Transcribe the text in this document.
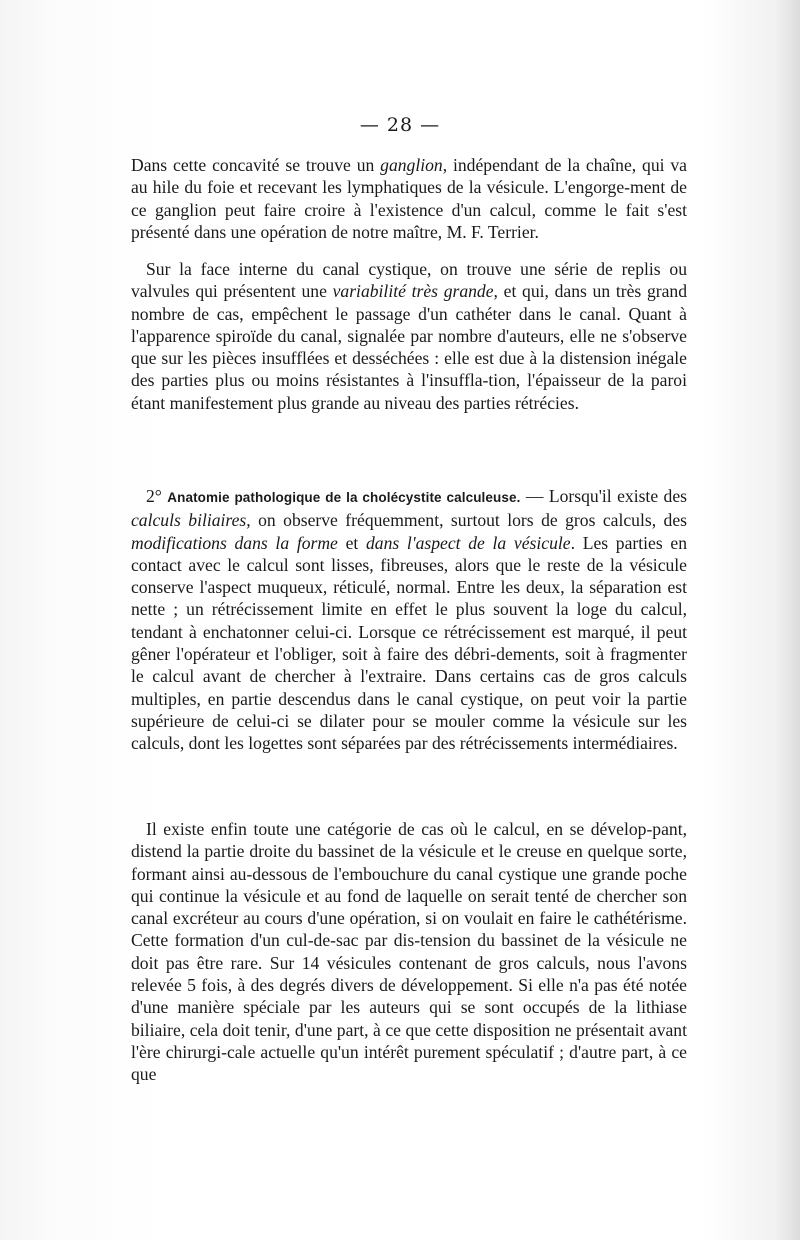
— 28 —

Dans cette concavité se trouve un ganglion, indépendant de la chaîne, qui va au hile du foie et recevant les lymphatiques de la vésicule. L'engorge-ment de ce ganglion peut faire croire à l'existence d'un calcul, comme le fait s'est présenté dans une opération de notre maître, M. F. Terrier.

Sur la face interne du canal cystique, on trouve une série de replis ou valvules qui présentent une variabilité très grande, et qui, dans un très grand nombre de cas, empêchent le passage d'un cathéter dans le canal. Quant à l'apparence spiroïde du canal, signalée par nombre d'auteurs, elle ne s'observe que sur les pièces insufflées et desséchées : elle est due à la distension inégale des parties plus ou moins résistantes à l'insuffla-tion, l'épaisseur de la paroi étant manifestement plus grande au niveau des parties rétrécies.

2° Anatomie pathologique de la cholécystite calculeuse. — Lorsqu'il existe des calculs biliaires, on observe fréquemment, surtout lors de gros calculs, des modifications dans la forme et dans l'aspect de la vésicule. Les parties en contact avec le calcul sont lisses, fibreuses, alors que le reste de la vésicule conserve l'aspect muqueux, réticulé, normal. Entre les deux, la séparation est nette ; un rétrécissement limite en effet le plus souvent la loge du calcul, tendant à enchatonner celui-ci. Lorsque ce rétrécissement est marqué, il peut gêner l'opérateur et l'obliger, soit à faire des débri-dements, soit à fragmenter le calcul avant de chercher à l'extraire. Dans certains cas de gros calculs multiples, en partie descendus dans le canal cystique, on peut voir la partie supérieure de celui-ci se dilater pour se mouler comme la vésicule sur les calculs, dont les logettes sont séparées par des rétrécissements intermédiaires.

Il existe enfin toute une catégorie de cas où le calcul, en se dévelop-pant, distend la partie droite du bassinet de la vésicule et le creuse en quelque sorte, formant ainsi au-dessous de l'embouchure du canal cystique une grande poche qui continue la vésicule et au fond de laquelle on serait tenté de chercher son canal excréteur au cours d'une opération, si on voulait en faire le cathétérisme. Cette formation d'un cul-de-sac par dis-tension du bassinet de la vésicule ne doit pas être rare. Sur 14 vésicules contenant de gros calculs, nous l'avons relevée 5 fois, à des degrés divers de développement. Si elle n'a pas été notée d'une manière spéciale par les auteurs qui se sont occupés de la lithiase biliaire, cela doit tenir, d'une part, à ce que cette disposition ne présentait avant l'ère chirurgi-cale actuelle qu'un intérêt purement spéculatif ; d'autre part, à ce que
